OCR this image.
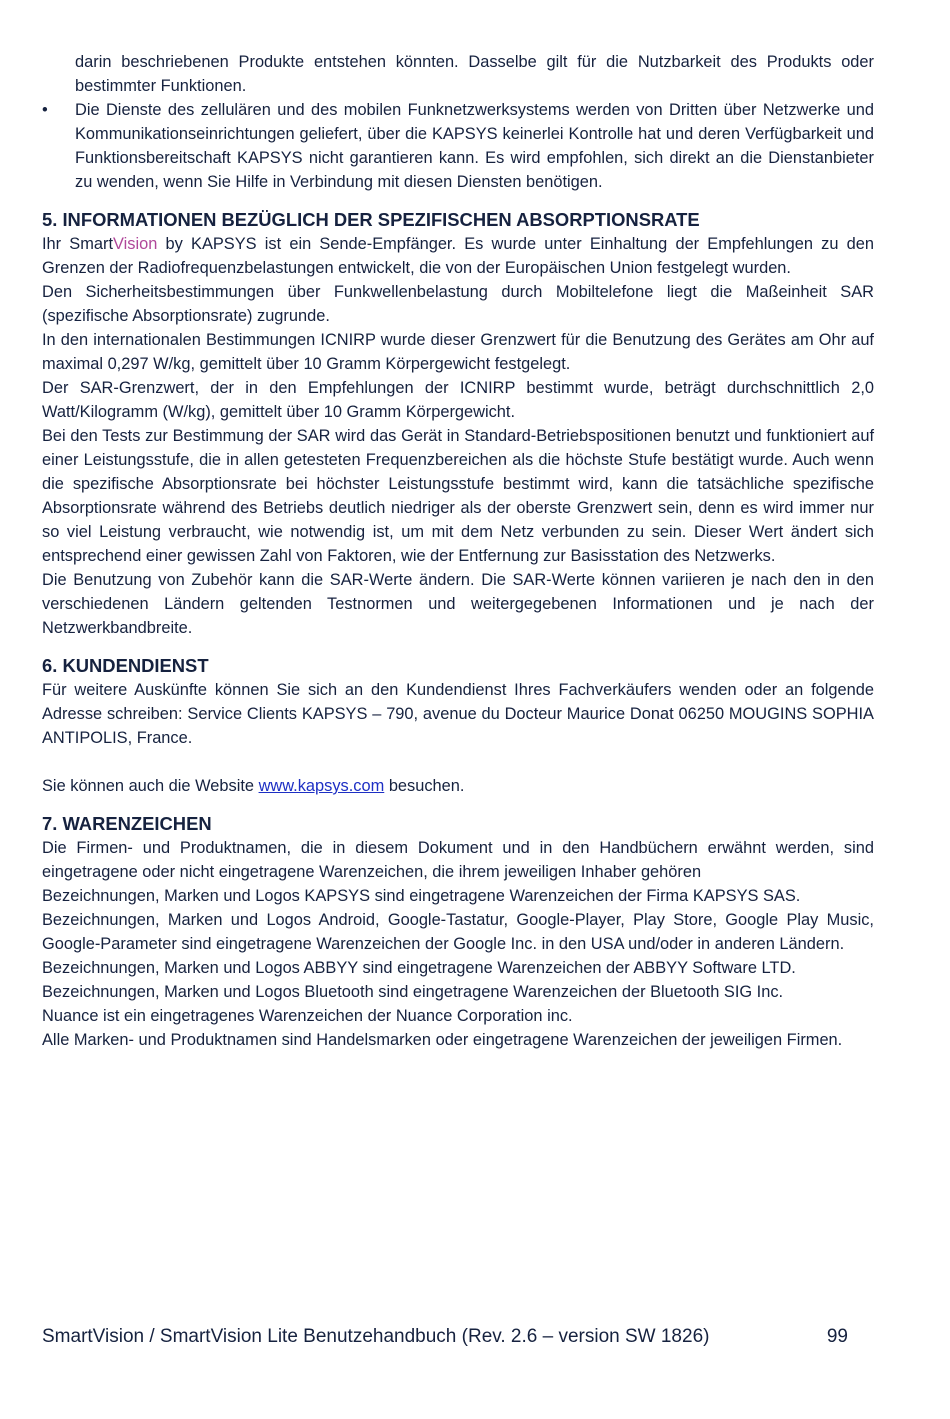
darin beschriebenen Produkte entstehen könnten. Dasselbe gilt für die Nutzbarkeit des Produkts oder bestimmter Funktionen.

•	Die Dienste des zellulären und des mobilen Funknetzwerksystems werden von Dritten über Netzwerke und Kommunikationseinrichtungen geliefert, über die KAPSYS keinerlei Kontrolle hat und deren Verfügbarkeit und Funktionsbereitschaft KAPSYS nicht garantieren kann. Es wird empfohlen, sich direkt an die Dienstanbieter zu wenden, wenn Sie Hilfe in Verbindung mit diesen Diensten benötigen.
5. INFORMATIONEN BEZÜGLICH DER SPEZIFISCHEN ABSORPTIONSRATE

Ihr SmartVision by KAPSYS ist ein Sende-Empfänger. Es wurde unter Einhaltung der Empfehlungen zu den Grenzen der Radiofrequenzbelastungen entwickelt, die von der Europäischen Union festgelegt wurden.

Den Sicherheitsbestimmungen über Funkwellenbelastung durch Mobiltelefone liegt die Maßeinheit SAR (spezifische Absorptionsrate) zugrunde.

In den internationalen Bestimmungen ICNIRP wurde dieser Grenzwert für die Benutzung des Gerätes am Ohr auf maximal 0,297 W/kg, gemittelt über 10 Gramm Körpergewicht festgelegt.

Der SAR-Grenzwert, der in den Empfehlungen der ICNIRP bestimmt wurde, beträgt durchschnittlich 2,0 Watt/Kilogramm (W/kg), gemittelt über 10 Gramm Körpergewicht.

Bei den Tests zur Bestimmung der SAR wird das Gerät in Standard-Betriebspositionen benutzt und funktioniert auf einer Leistungsstufe, die in allen getesteten Frequenzbereichen als die höchste Stufe bestätigt wurde. Auch wenn die spezifische Absorptionsrate bei höchster Leistungsstufe bestimmt wird, kann die tatsächliche spezifische Absorptionsrate während des Betriebs deutlich niedriger als der oberste Grenzwert sein, denn es wird immer nur so viel Leistung verbraucht, wie notwendig ist, um mit dem Netz verbunden zu sein. Dieser Wert ändert sich entsprechend einer gewissen Zahl von Faktoren, wie der Entfernung zur Basisstation des Netzwerks.

Die Benutzung von Zubehör kann die SAR-Werte ändern. Die SAR-Werte können variieren je nach den in den verschiedenen Ländern geltenden Testnormen und weitergegebenen Informationen und je nach der Netzwerkbandbreite.

6. KUNDENDIENST

Für weitere Auskünfte können Sie sich an den Kundendienst Ihres Fachverkäufers wenden oder an folgende Adresse schreiben: Service Clients KAPSYS – 790, avenue du Docteur Maurice Donat 06250 MOUGINS SOPHIA ANTIPOLIS, France.

Sie können auch die Website www.kapsys.com besuchen.

7. WARENZEICHEN

Die Firmen- und Produktnamen, die in diesem Dokument und in den Handbüchern erwähnt werden, sind eingetragene oder nicht eingetragene Warenzeichen, die ihrem jeweiligen Inhaber gehören

Bezeichnungen, Marken und Logos KAPSYS sind eingetragene Warenzeichen der Firma KAPSYS SAS.

Bezeichnungen, Marken und Logos Android, Google-Tastatur, Google-Player, Play Store, Google Play Music, Google-Parameter sind eingetragene Warenzeichen der Google Inc. in den USA und/oder in anderen Ländern.

Bezeichnungen, Marken und Logos ABBYY sind eingetragene Warenzeichen der ABBYY Software LTD.

Bezeichnungen, Marken und Logos Bluetooth sind eingetragene Warenzeichen der Bluetooth SIG Inc.

Nuance ist ein eingetragenes Warenzeichen der Nuance Corporation inc.

Alle Marken- und Produktnamen sind Handelsmarken oder eingetragene Warenzeichen der jeweiligen Firmen.

SmartVision / SmartVision Lite Benutzehandbuch (Rev. 2.6 – version SW 1826)	99
